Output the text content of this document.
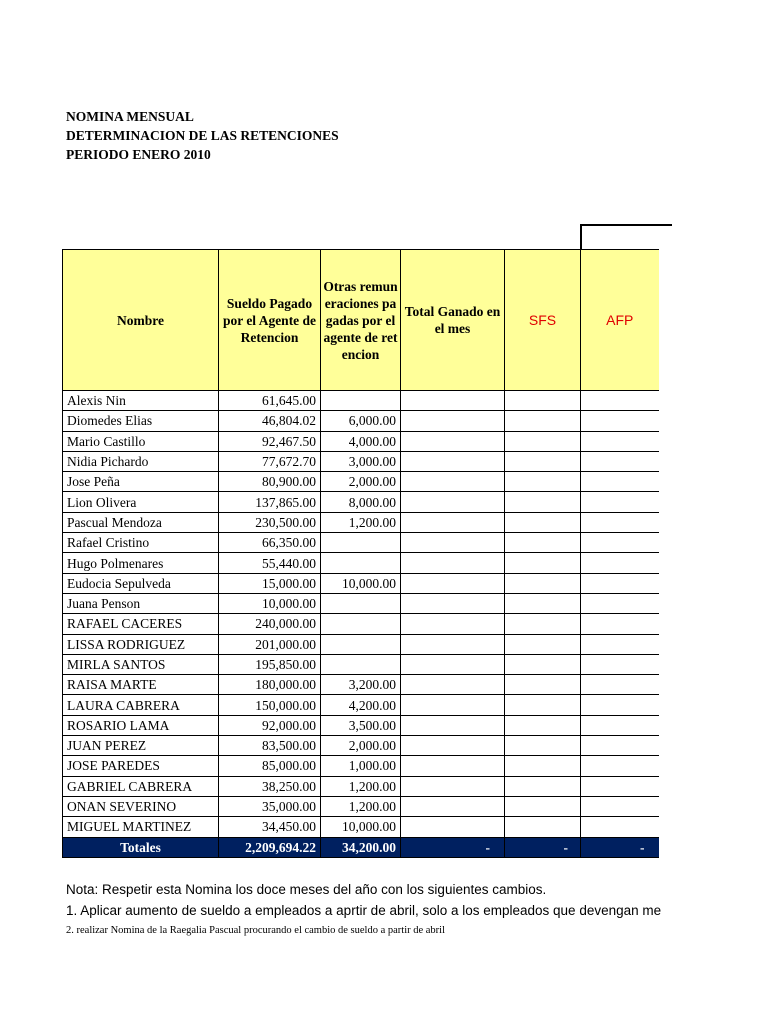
NOMINA MENSUAL
DETERMINACION DE LAS RETENCIONES
PERIODO ENERO 2010
Nombre	Sueldo Pagado por el Agente de Retencion	Otras remuneraciones pagadas por el agente de retencion	Total Ganado en el mes	SFS	AFP
Alexis Nin	61,645.00				
Diomedes Elias	46,804.02	6,000.00			
Mario Castillo	92,467.50	4,000.00			
Nidia Pichardo	77,672.70	3,000.00			
Jose Peña	80,900.00	2,000.00			
Lion Olivera	137,865.00	8,000.00			
Pascual Mendoza	230,500.00	1,200.00			
Rafael Cristino	66,350.00				
Hugo Polmenares	55,440.00				
Eudocia Sepulveda	15,000.00	10,000.00			
Juana Penson	10,000.00				
RAFAEL CACERES	240,000.00				
LISSA RODRIGUEZ	201,000.00				
MIRLA SANTOS	195,850.00				
RAISA MARTE	180,000.00	3,200.00			
LAURA CABRERA	150,000.00	4,200.00			
ROSARIO LAMA	92,000.00	3,500.00			
JUAN PEREZ	83,500.00	2,000.00			
JOSE PAREDES	85,000.00	1,000.00			
GABRIEL CABRERA	38,250.00	1,200.00			
ONAN SEVERINO	35,000.00	1,200.00			
MIGUEL MARTINEZ	34,450.00	10,000.00			
Totales	2,209,694.22	34,200.00	-	-	-
Nota: Respetir esta Nomina los doce meses del año con los siguientes cambios.
1. Aplicar aumento de sueldo a empleados a aprtir de abril, solo a los empleados que devengan me
2. realizar Nomina de la Raegalia Pascual procurando el cambio de sueldo a partir de abril
